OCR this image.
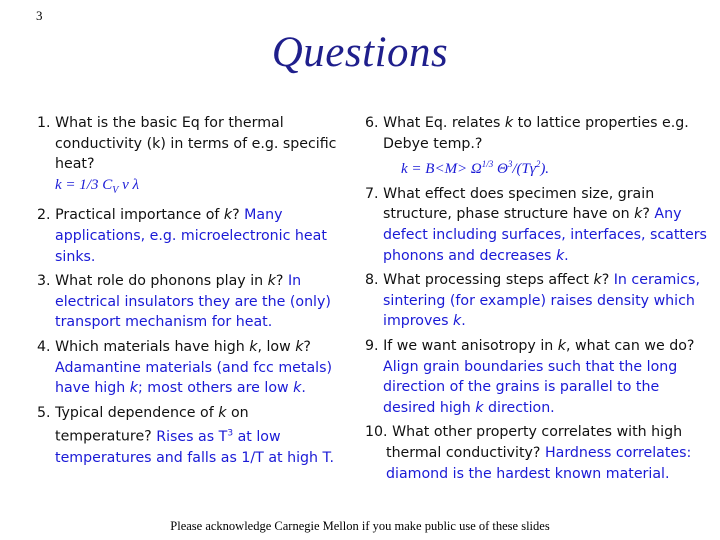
3
Questions

1. What is the basic Eq for thermal conductivity (k) in terms of e.g. specific heat?
k = 1/3 $C_V$ v λ

2. Practical importance of k? Many applications, e.g. microelectronic heat sinks.

3. What role do phonons play in k? In electrical insulators they are the (only) transport mechanism for heat.

4. Which materials have high k, low k? Adamantine materials (and fcc metals) have high k; most others are low k.

5. Typical dependence of k on temperature? Rises as $T^3$ at low temperatures and falls as 1/T at high T.

6. What Eq. relates k to lattice properties e.g. Debye temp.?
$k = B<M> \Omega^{1/3}$ $\Theta^3/(T\gamma^2)$.

7. What effect does specimen size, grain structure, phase structure have on k? Any defect including surfaces, interfaces, scatters phonons and decreases k.

8. What processing steps affect k? In ceramics, sintering (for example) raises density which improves k.

9. If we want anisotropy in k, what can we do? Align grain boundaries such that the long direction of the grains is parallel to the desired high k direction.

10. What other property correlates with high thermal conductivity? Hardness correlates: diamond is the hardest known material.

Please acknowledge Carnegie Mellon if you make public use of these slides
